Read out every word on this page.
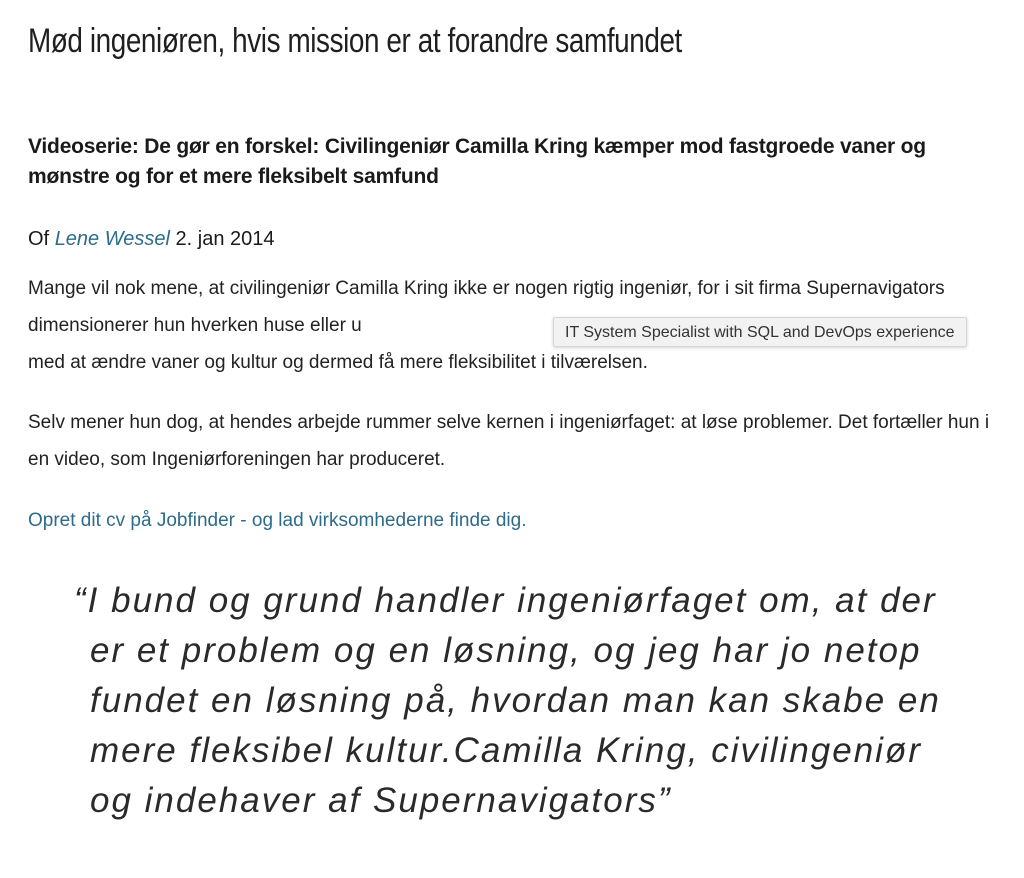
Mød ingeniøren, hvis mission er at forandre samfundet
Videoserie: De gør en forskel: Civilingeniør Camilla Kring kæmper mod fastgroede vaner og mønstre og for et mere fleksibelt samfund
Of Lene Wessel 2. jan 2014

Mange vil nok mene, at civilingeniør Camilla Kring ikke er nogen rigtig ingeniør, for i sit firma Supernavigators dimensionerer hun hverken huse eller u
med at ændre vaner og kultur og dermed få mere fleksibilitet i tilværelsen.

Selv mener hun dog, at hendes arbejde rummer selve kernen i ingeniørfaget: at løse problemer. Det fortæller hun i en video, som Ingeniørforeningen har produceret.

Opret dit cv på Jobfinder - og lad virksomhederne finde dig.
“I bund og grund handler ingeniørfaget om, at der er et problem og en løsning, og jeg har jo netop fundet en løsning på, hvordan man kan skabe en mere fleksibel kultur.Camilla Kring, civilingeniør og indehaver af Supernavigators”
IT System Specialist with SQL and DevOps experience
